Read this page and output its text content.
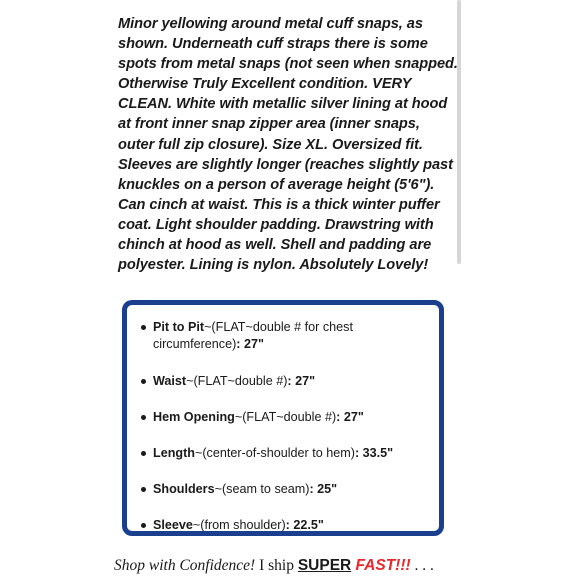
Minor yellowing around metal cuff snaps, as shown. Underneath cuff straps there is some spots from metal snaps (not seen when snapped. Otherwise Truly Excellent condition. VERY CLEAN. White with metallic silver lining at hood at front inner snap zipper area (inner snaps, outer full zip closure). Size XL. Oversized fit. Sleeves are slightly longer (reaches slightly past knuckles on a person of average height (5'6"). Can cinch at waist. This is a thick winter puffer coat. Light shoulder padding. Drawstring with chinch at hood as well. Shell and padding are polyester. Lining is nylon. Absolutely Lovely!

Pit to Pit~(FLAT~double # for chest circumference): 27"
Waist~(FLAT~double #): 27"
Hem Opening~(FLAT~double #): 27"
Length~(center-of-shoulder to hem): 33.5"
Shoulders~(seam to seam): 25"
Sleeve~(from shoulder): 22.5"
Shop with Confidence! I ship SUPER FAST!!! . . .
